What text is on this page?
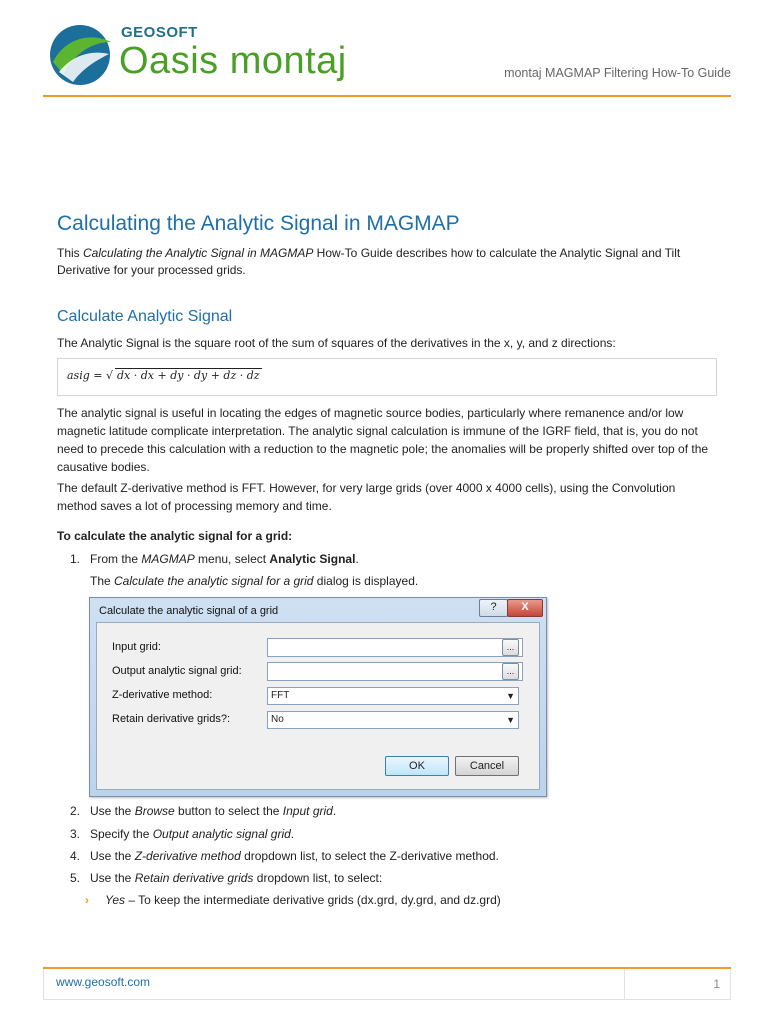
GEOSOFT
Oasis montaj	montaj MAGMAP Filtering How-To Guide
Calculating the Analytic Signal in MAGMAP
This Calculating the Analytic Signal in MAGMAP How-To Guide describes how to calculate the Analytic Signal and Tilt
Derivative for your processed grids.
Calculate Analytic Signal
The Analytic Signal is the square root of the sum of squares of the derivatives in the x, y, and z directions:
asig = √ dx · dx + dy · dy + dz · dz
The analytic signal is useful in locating the edges of magnetic source bodies, particularly where remanence and/or low
magnetic latitude complicate interpretation. The analytic signal calculation is immune of the IGRF field, that is, you do not
need to precede this calculation with a reduction to the magnetic pole; the anomalies will be properly shifted over top of the
causative bodies.
The default Z-derivative method is FFT. However, for very large grids (over 4000 x 4000 cells), using the Convolution
method saves a lot of processing memory and time.
To calculate the analytic signal for a grid:
1. From the MAGMAP menu, select Analytic Signal.
The Calculate the analytic signal for a grid dialog is displayed.
Calculate the analytic signal of a grid	?	X
Input grid:	...
Output analytic signal grid:	...
Z-derivative method:	FFT	▼
Retain derivative grids?:	No	▼
OK	Cancel
2. Use the Browse button to select the Input grid.
3. Specify the Output analytic signal grid.
4. Use the Z-derivative method dropdown list, to select the Z-derivative method.
5. Use the Retain derivative grids dropdown list, to select:
› Yes – To keep the intermediate derivative grids (dx.grd, dy.grd, and dz.grd)
www.geosoft.com	1
